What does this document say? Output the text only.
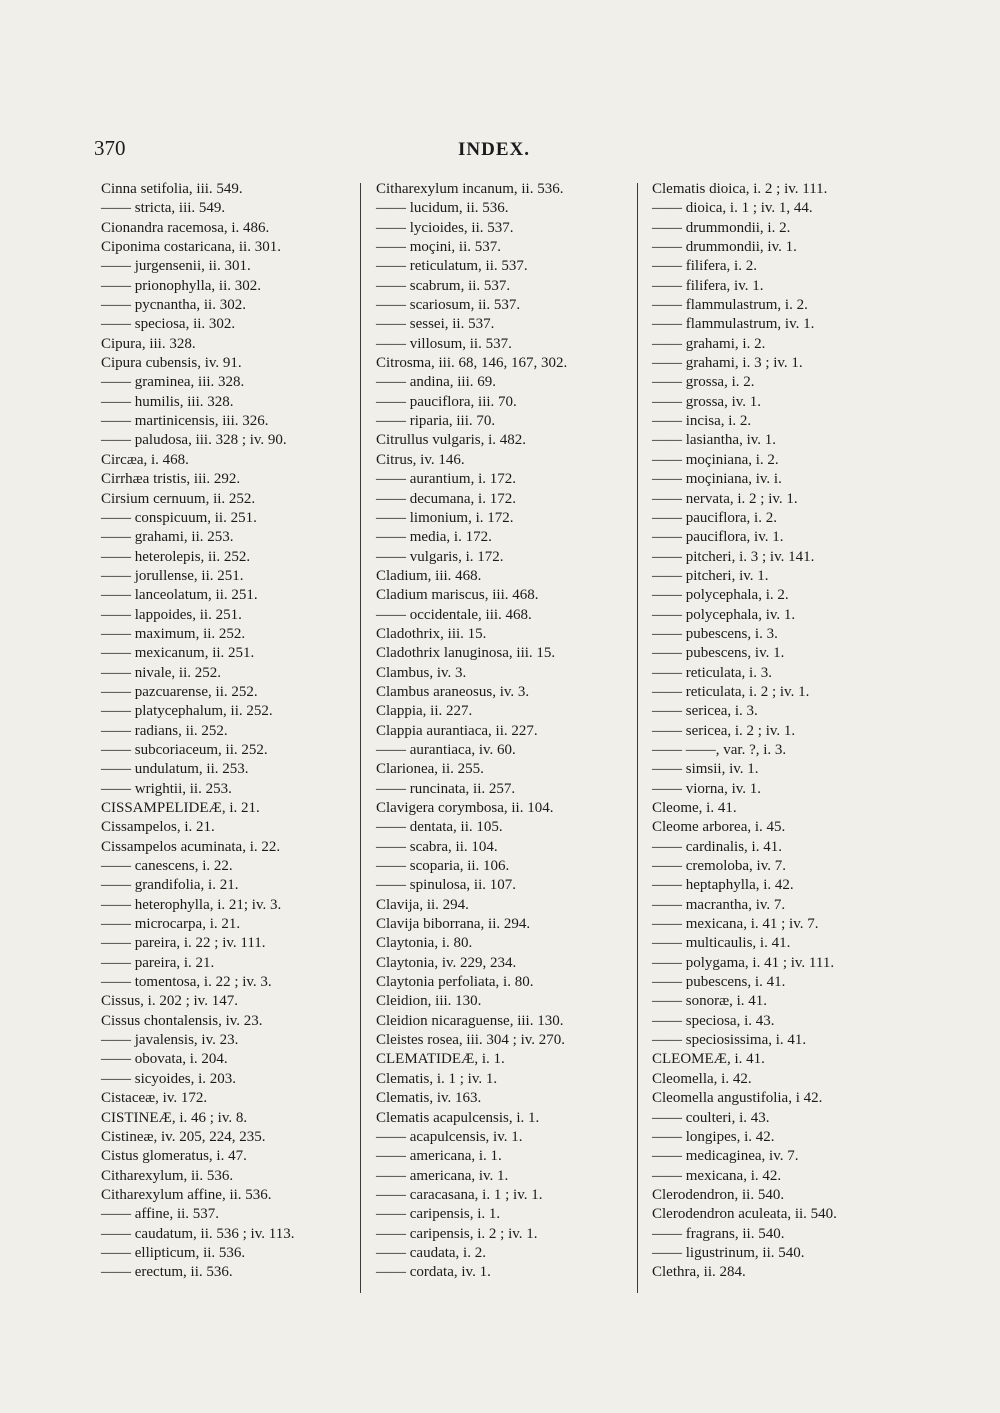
370	INDEX.
Cinna setifolia, iii. 549.
—— stricta, iii. 549.
Cionandra racemosa, i. 486.
Ciponima costaricana, ii. 301.
—— jurgensenii, ii. 301.
—— prionophylla, ii. 302.
—— pycnantha, ii. 302.
—— speciosa, ii. 302.
Cipura, iii. 328.
Cipura cubensis, iv. 91.
—— graminea, iii. 328.
—— humilis, iii. 328.
—— martinicensis, iii. 326.
—— paludosa, iii. 328 ; iv. 90.
Circæa, i. 468.
Cirrhæa tristis, iii. 292.
Cirsium cernuum, ii. 252.
—— conspicuum, ii. 251.
—— grahami, ii. 253.
—— heterolepis, ii. 252.
—— jorullense, ii. 251.
—— lanceolatum, ii. 251.
—— lappoides, ii. 251.
—— maximum, ii. 252.
—— mexicanum, ii. 251.
—— nivale, ii. 252.
—— pazcuarense, ii. 252.
—— platycephalum, ii. 252.
—— radians, ii. 252.
—— subcoriaceum, ii. 252.
—— undulatum, ii. 253.
—— wrightii, ii. 253.
CISSAMPELIDEÆ, i. 21.
Cissampelos, i. 21.
Cissampelos acuminata, i. 22.
—— canescens, i. 22.
—— grandifolia, i. 21.
—— heterophylla, i. 21; iv. 3.
—— microcarpa, i. 21.
—— pareira, i. 22 ; iv. 111.
—— pareira, i. 21.
—— tomentosa, i. 22 ; iv. 3.
Cissus, i. 202 ; iv. 147.
Cissus chontalensis, iv. 23.
—— javalensis, iv. 23.
—— obovata, i. 204.
—— sicyoides, i. 203.
Cistaceæ, iv. 172.
CISTINEÆ, i. 46 ; iv. 8.
Cistineæ, iv. 205, 224, 235.
Cistus glomeratus, i. 47.
Citharexylum, ii. 536.
Citharexylum affine, ii. 536.
—— affine, ii. 537.
—— caudatum, ii. 536 ; iv. 113.
—— ellipticum, ii. 536.
—— erectum, ii. 536.
Citharexylum incanum, ii. 536.
—— lucidum, ii. 536.
—— lycioides, ii. 537.
—— moçini, ii. 537.
—— reticulatum, ii. 537.
—— scabrum, ii. 537.
—— scariosum, ii. 537.
—— sessei, ii. 537.
—— villosum, ii. 537.
Citrosma, iii. 68, 146, 167, 302.
—— andina, iii. 69.
—— pauciflora, iii. 70.
—— riparia, iii. 70.
Citrullus vulgaris, i. 482.
Citrus, iv. 146.
—— aurantium, i. 172.
—— decumana, i. 172.
—— limonium, i. 172.
—— media, i. 172.
—— vulgaris, i. 172.
Cladium, iii. 468.
Cladium mariscus, iii. 468.
—— occidentale, iii. 468.
Cladothrix, iii. 15.
Cladothrix lanuginosa, iii. 15.
Clambus, iv. 3.
Clambus araneosus, iv. 3.
Clappia, ii. 227.
Clappia aurantiaca, ii. 227.
—— aurantiaca, iv. 60.
Clarionea, ii. 255.
—— runcinata, ii. 257.
Clavigera corymbosa, ii. 104.
—— dentata, ii. 105.
—— scabra, ii. 104.
—— scoparia, ii. 106.
—— spinulosa, ii. 107.
Clavija, ii. 294.
Clavija biborrana, ii. 294.
Claytonia, i. 80.
Claytonia, iv. 229, 234.
Claytonia perfoliata, i. 80.
Cleidion, iii. 130.
Cleidion nicaraguense, iii. 130.
Cleistes rosea, iii. 304 ; iv. 270.
CLEMATIDEÆ, i. 1.
Clematis, i. 1 ; iv. 1.
Clematis, iv. 163.
Clematis acapulcensis, i. 1.
—— acapulcensis, iv. 1.
—— americana, i. 1.
—— americana, iv. 1.
—— caracasana, i. 1 ; iv. 1.
—— caripensis, i. 1.
—— caripensis, i. 2 ; iv. 1.
—— caudata, i. 2.
—— cordata, iv. 1.
Clematis dioica, i. 2 ; iv. 111.
—— dioica, i. 1 ; iv. 1, 44.
—— drummondii, i. 2.
—— drummondii, iv. 1.
—— filifera, i. 2.
—— filifera, iv. 1.
—— flammulastrum, i. 2.
—— flammulastrum, iv. 1.
—— grahami, i. 2.
—— grahami, i. 3 ; iv. 1.
—— grossa, i. 2.
—— grossa, iv. 1.
—— incisa, i. 2.
—— lasiantha, iv. 1.
—— moçiniana, i. 2.
—— moçiniana, iv. i.
—— nervata, i. 2 ; iv. 1.
—— pauciflora, i. 2.
—— pauciflora, iv. 1.
—— pitcheri, i. 3 ; iv. 141.
—— pitcheri, iv. 1.
—— polycephala, i. 2.
—— polycephala, iv. 1.
—— pubescens, i. 3.
—— pubescens, iv. 1.
—— reticulata, i. 3.
—— reticulata, i. 2 ; iv. 1.
—— sericea, i. 3.
—— sericea, i. 2 ; iv. 1.
—— ——, var. ?, i. 3.
—— simsii, iv. 1.
—— viorna, iv. 1.
Cleome, i. 41.
Cleome arborea, i. 45.
—— cardinalis, i. 41.
—— cremoloba, iv. 7.
—— heptaphylla, i. 42.
—— macrantha, iv. 7.
—— mexicana, i. 41 ; iv. 7.
—— multicaulis, i. 41.
—— polygama, i. 41 ; iv. 111.
—— pubescens, i. 41.
—— sonoræ, i. 41.
—— speciosa, i. 43.
—— speciosissima, i. 41.
CLEOMEÆ, i. 41.
Cleomella, i. 42.
Cleomella angustifolia, i 42.
—— coulteri, i. 43.
—— longipes, i. 42.
—— medicaginea, iv. 7.
—— mexicana, i. 42.
Clerodendron, ii. 540.
Clerodendron aculeata, ii. 540.
—— fragrans, ii. 540.
—— ligustrinum, ii. 540.
Clethra, ii. 284.
